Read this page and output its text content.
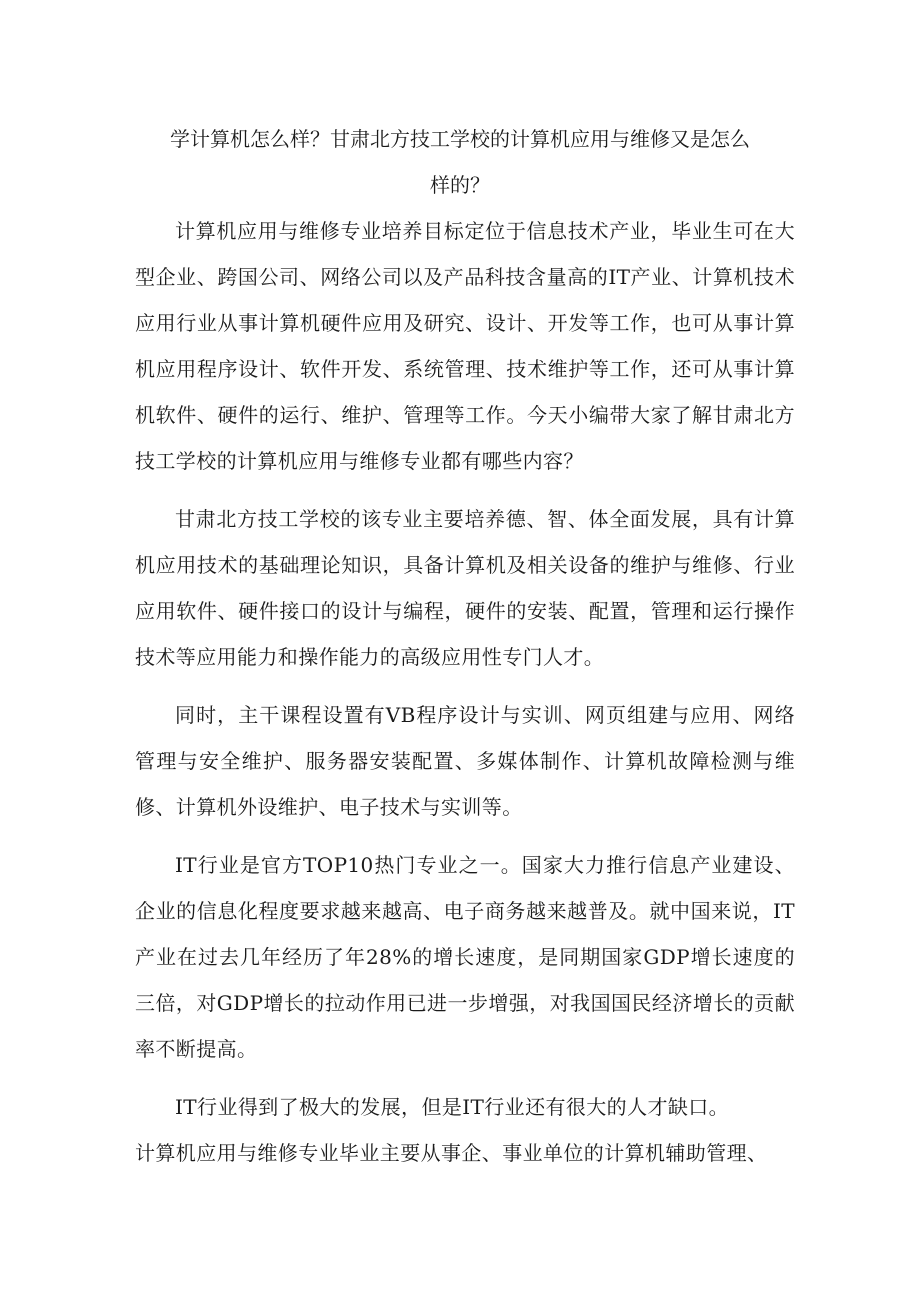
学计算机怎么样？甘肃北方技工学校的计算机应用与维修又是怎么
样的？

计算机应用与维修专业培养目标定位于信息技术产业，毕业生可在大型企业、跨国公司、网络公司以及产品科技含量高的IT产业、计算机技术应用行业从事计算机硬件应用及研究、设计、开发等工作，也可从事计算机应用程序设计、软件开发、系统管理、技术维护等工作，还可从事计算机软件、硬件的运行、维护、管理等工作。今天小编带大家了解甘肃北方技工学校的计算机应用与维修专业都有哪些内容？

甘肃北方技工学校的该专业主要培养德、智、体全面发展，具有计算机应用技术的基础理论知识，具备计算机及相关设备的维护与维修、行业应用软件、硬件接口的设计与编程，硬件的安装、配置，管理和运行操作技术等应用能力和操作能力的高级应用性专门人才。

同时，主干课程设置有VB程序设计与实训、网页组建与应用、网络管理与安全维护、服务器安装配置、多媒体制作、计算机故障检测与维修、计算机外设维护、电子技术与实训等。

IT行业是官方TOP10热门专业之一。国家大力推行信息产业建设、企业的信息化程度要求越来越高、电子商务越来越普及。就中国来说，IT产业在过去几年经历了年28%的增长速度，是同期国家GDP增长速度的三倍，对GDP增长的拉动作用已进一步增强，对我国国民经济增长的贡献率不断提高。

IT行业得到了极大的发展，但是IT行业还有很大的人才缺口。

计算机应用与维修专业毕业主要从事企、事业单位的计算机辅助管理、
